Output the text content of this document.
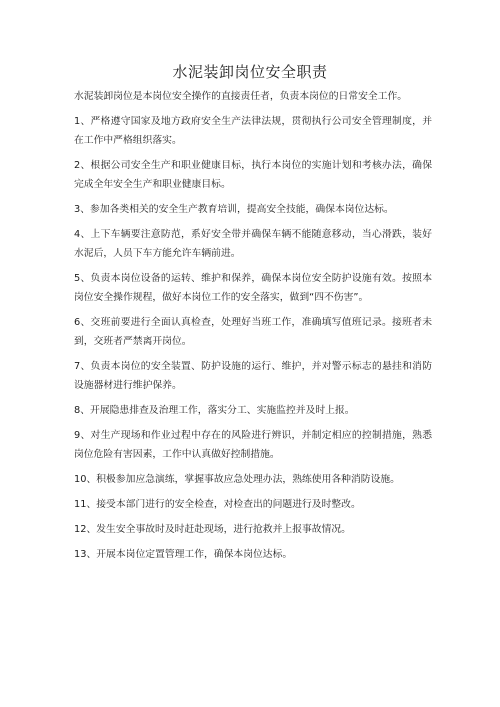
水泥装卸岗位安全职责

水泥装卸岗位是本岗位安全操作的直接责任者，负责本岗位的日常安全工作。

1、严格遵守国家及地方政府安全生产法律法规，贯彻执行公司安全管理制度，并在工作中严格组织落实。

2、根据公司安全生产和职业健康目标，执行本岗位的实施计划和考核办法，确保完成全年安全生产和职业健康目标。

3、参加各类相关的安全生产教育培训，提高安全技能，确保本岗位达标。

4、上下车辆要注意防范，系好安全带并确保车辆不能随意移动，当心滑跌，装好水泥后，人员下车方能允许车辆前进。

5、负责本岗位设备的运转、维护和保养，确保本岗位安全防护设施有效。按照本岗位安全操作规程，做好本岗位工作的安全落实，做到“四不伤害”。

6、交班前要进行全面认真检查，处理好当班工作，准确填写值班记录。接班者未到，交班者严禁离开岗位。

7、负责本岗位的安全装置、防护设施的运行、维护，并对警示标志的悬挂和消防设施器材进行维护保养。

8、开展隐患排查及治理工作，落实分工、实施监控并及时上报。

9、对生产现场和作业过程中存在的风险进行辨识，并制定相应的控制措施，熟悉岗位危险有害因素，工作中认真做好控制措施。

10、积极参加应急演练，掌握事故应急处理办法，熟练使用各种消防设施。

11、接受本部门进行的安全检查，对检查出的问题进行及时整改。

12、发生安全事故时及时赶赴现场，进行抢救并上报事故情况。

13、开展本岗位定置管理工作，确保本岗位达标。
